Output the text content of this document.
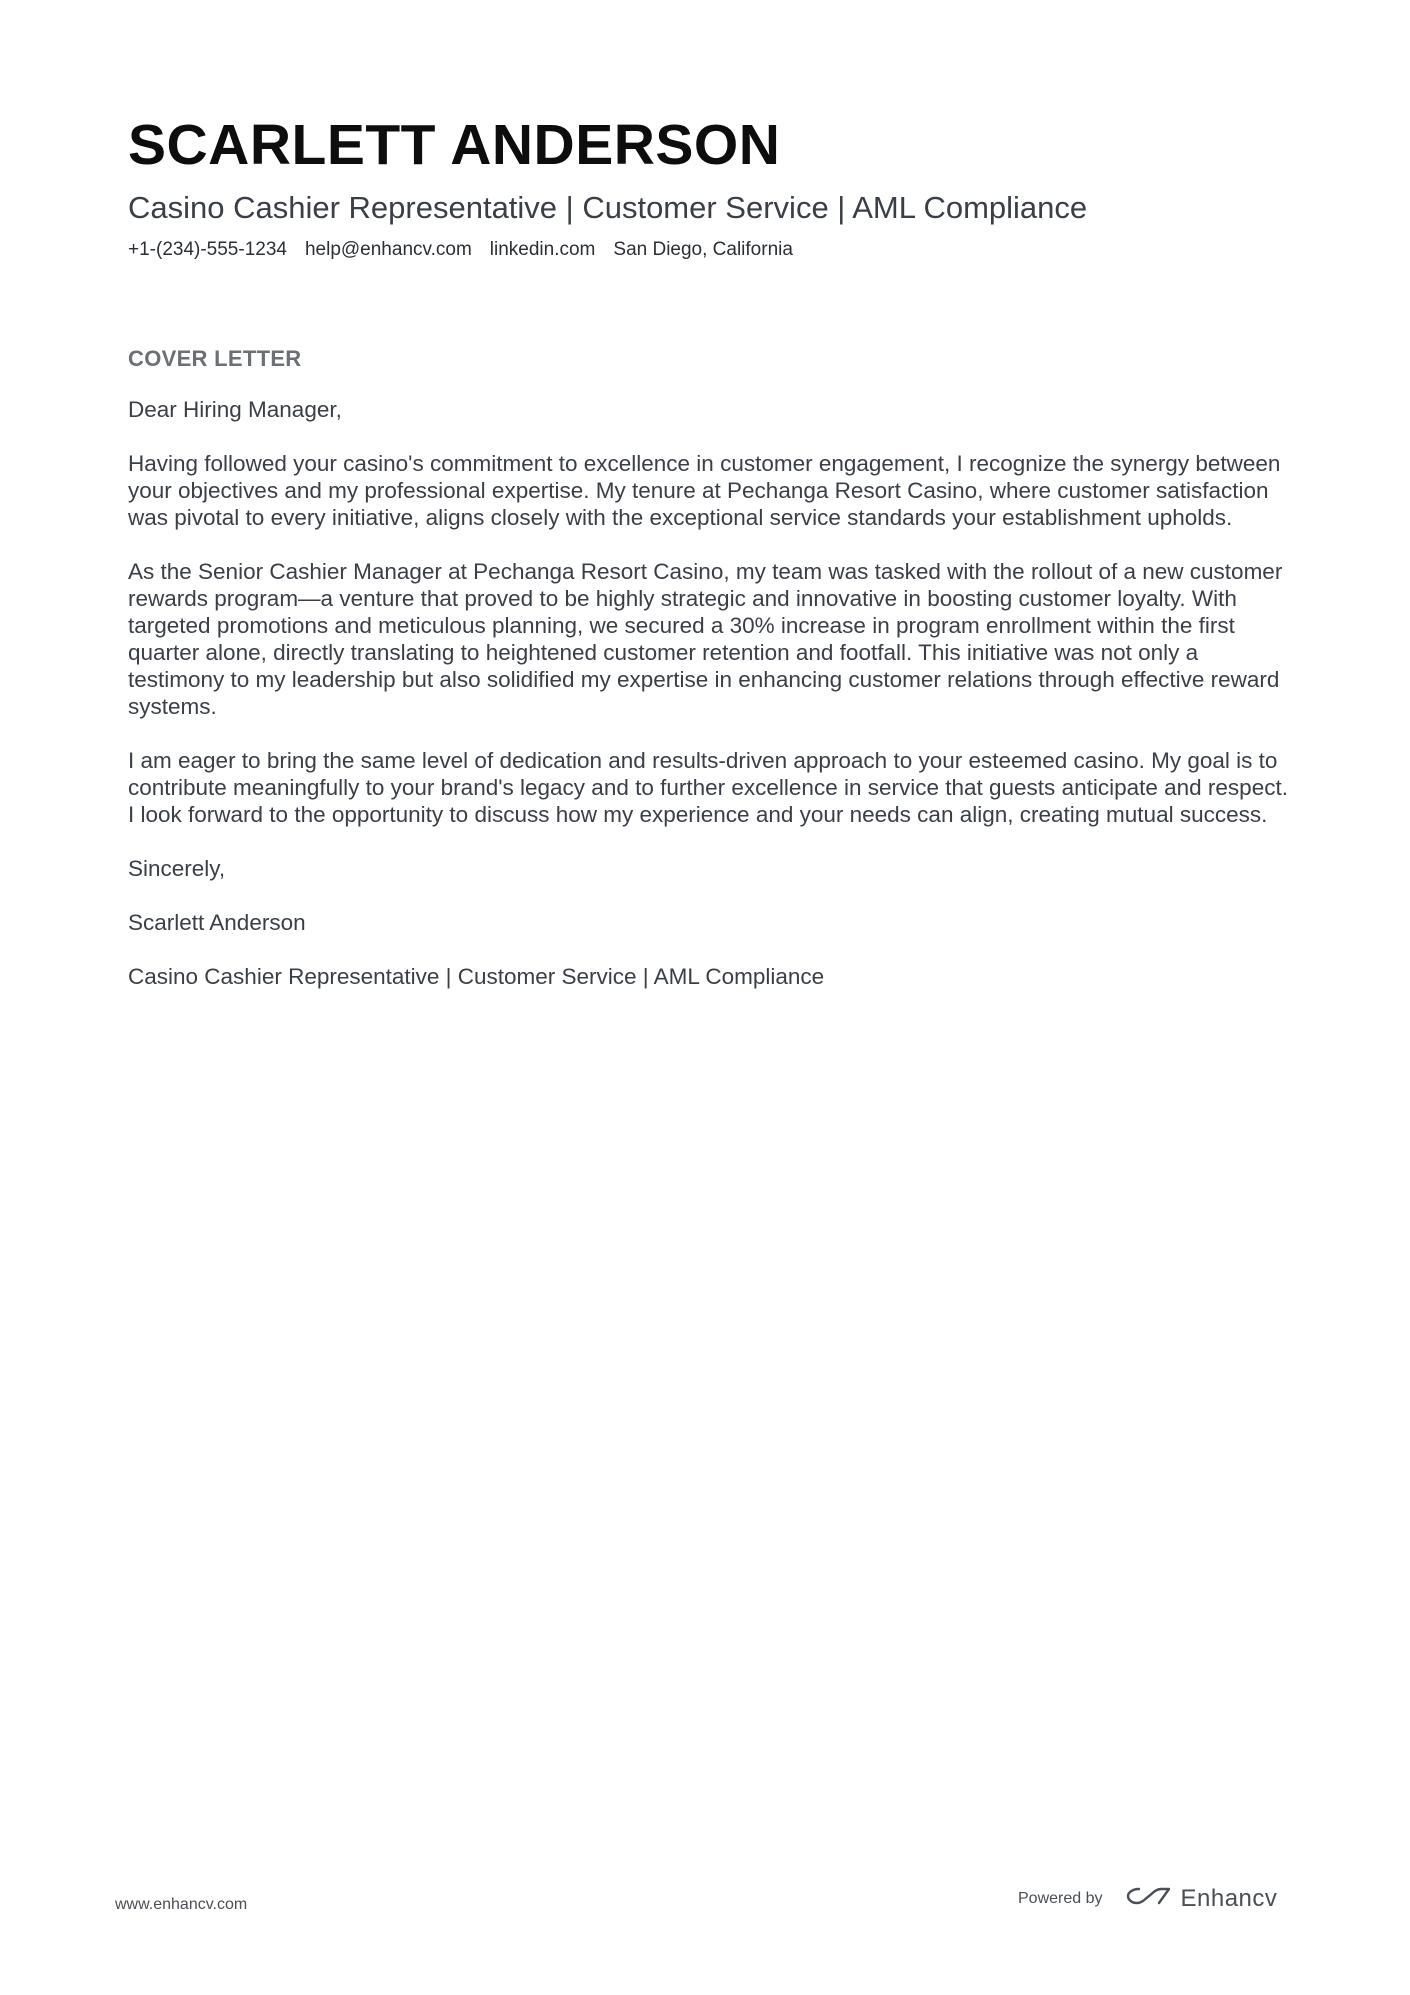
SCARLETT ANDERSON
Casino Cashier Representative | Customer Service | AML Compliance
+1-(234)-555-1234 help@enhancv.com linkedin.com San Diego, California
COVER LETTER

Dear Hiring Manager,

Having followed your casino's commitment to excellence in customer engagement, I recognize the synergy between your objectives and my professional expertise. My tenure at Pechanga Resort Casino, where customer satisfaction was pivotal to every initiative, aligns closely with the exceptional service standards your establishment upholds.

As the Senior Cashier Manager at Pechanga Resort Casino, my team was tasked with the rollout of a new customer rewards program—a venture that proved to be highly strategic and innovative in boosting customer loyalty. With targeted promotions and meticulous planning, we secured a 30% increase in program enrollment within the first quarter alone, directly translating to heightened customer retention and footfall. This initiative was not only a testimony to my leadership but also solidified my expertise in enhancing customer relations through effective reward systems.

I am eager to bring the same level of dedication and results-driven approach to your esteemed casino. My goal is to contribute meaningfully to your brand's legacy and to further excellence in service that guests anticipate and respect. I look forward to the opportunity to discuss how my experience and your needs can align, creating mutual success.

Sincerely,

Scarlett Anderson

Casino Cashier Representative | Customer Service | AML Compliance

www.enhancv.com	Powered by	Enhancv
